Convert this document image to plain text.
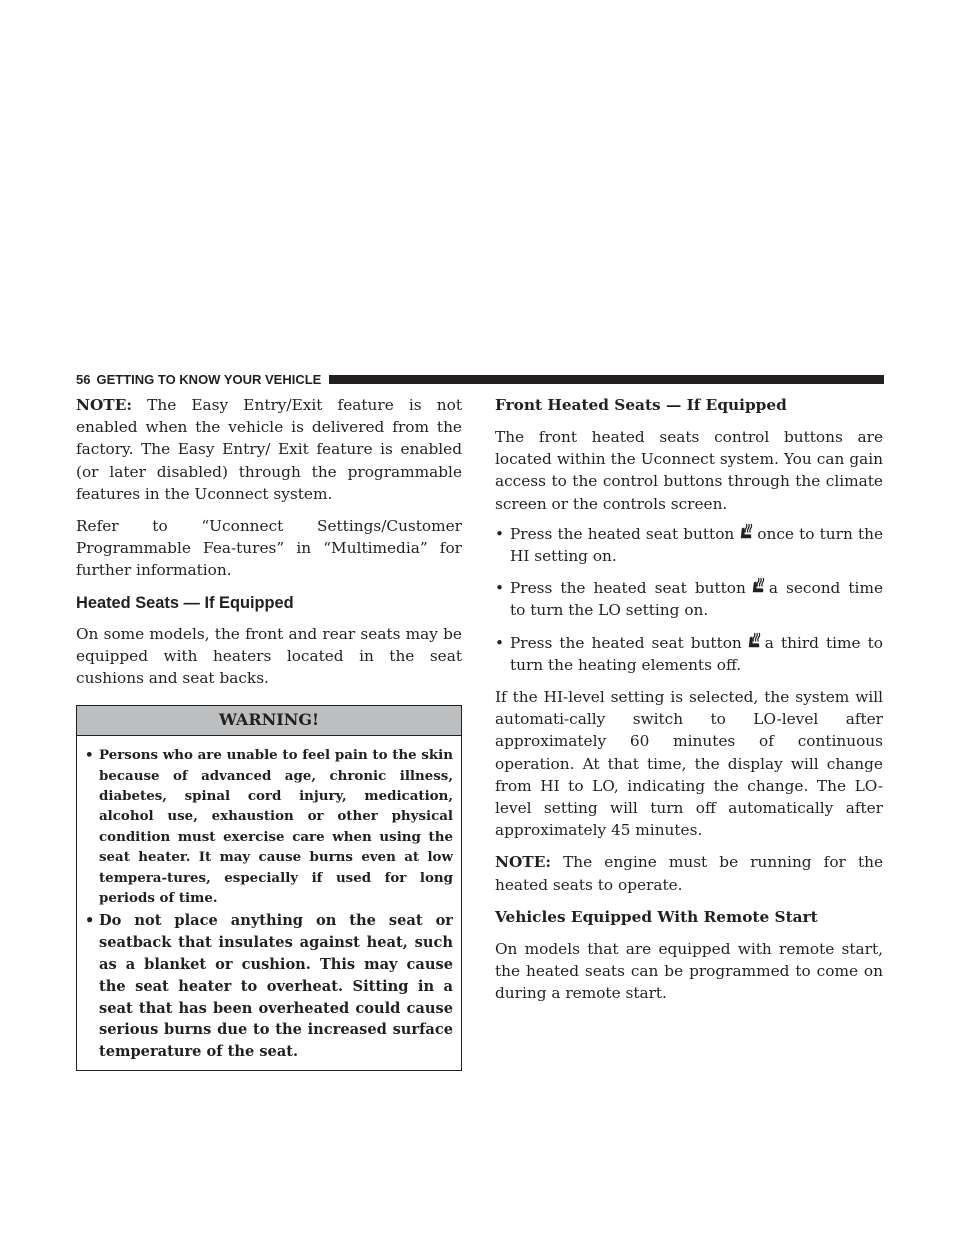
56 GETTING TO KNOW YOUR VEHICLE

NOTE: The Easy Entry/Exit feature is not enabled when the vehicle is delivered from the factory. The Easy Entry/ Exit feature is enabled (or later disabled) through the programmable features in the Uconnect system.

Refer to “Uconnect Settings/Customer Programmable Fea-tures” in “Multimedia” for further information.

Heated Seats — If Equipped

On some models, the front and rear seats may be equipped with heaters located in the seat cushions and seat backs.

WARNING!
• Persons who are unable to feel pain to the skin because of advanced age, chronic illness, diabetes, spinal cord injury, medication, alcohol use, exhaustion or other physical condition must exercise care when using the seat heater. It may cause burns even at low tempera-tures, especially if used for long periods of time.
• Do not place anything on the seat or seatback that insulates against heat, such as a blanket or cushion. This may cause the seat heater to overheat. Sitting in a seat that has been overheated could cause serious burns due to the increased surface temperature of the seat.
Front Heated Seats — If Equipped

The front heated seats control buttons are located within the Uconnect system. You can gain access to the control buttons through the climate screen or the controls screen.

• Press the heated seat button once to turn the HI setting on.
• Press the heated seat button a second time to turn the LO setting on.
• Press the heated seat button a third time to turn the heating elements off.

If the HI-level setting is selected, the system will automati-cally switch to LO-level after approximately 60 minutes of continuous operation. At that time, the display will change from HI to LO, indicating the change. The LO-level setting will turn off automatically after approximately 45 minutes.

NOTE: The engine must be running for the heated seats to operate.

Vehicles Equipped With Remote Start

On models that are equipped with remote start, the heated seats can be programmed to come on during a remote start.
